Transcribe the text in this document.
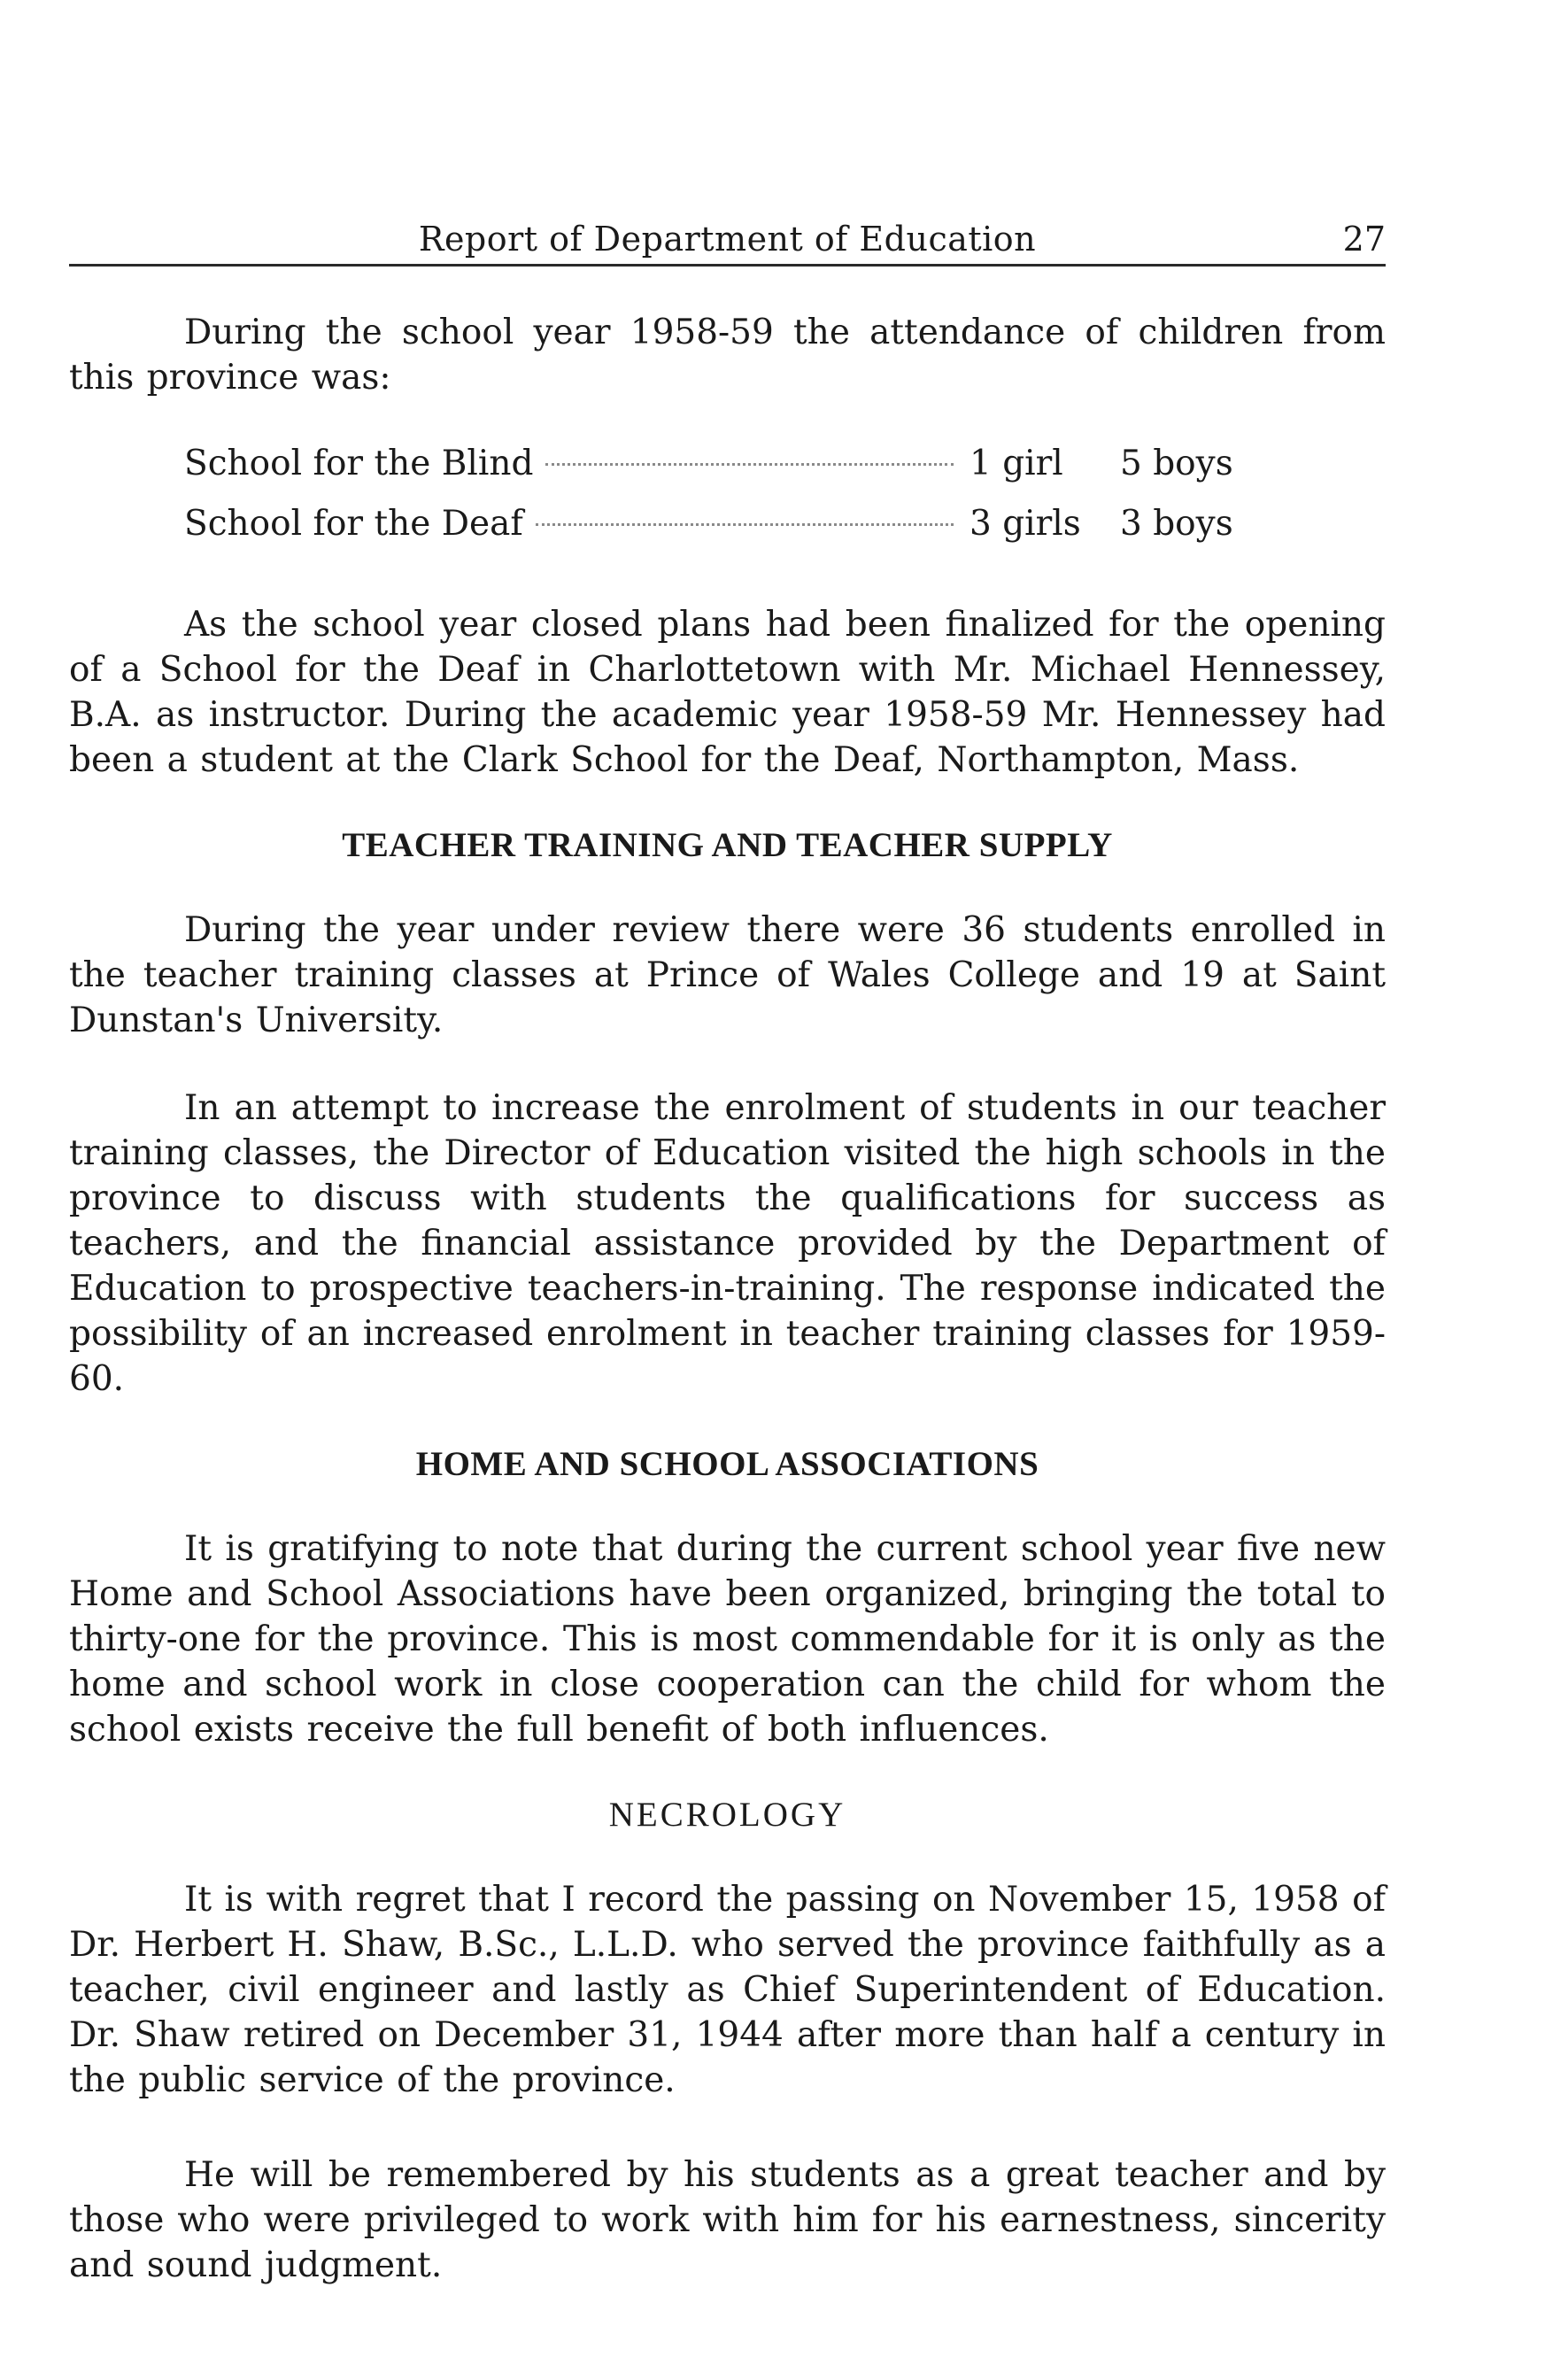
Report of Department of Education	27

During the school year 1958-59 the attendance of children from this province was:

School for the Blind	1 girl	5 boys
School for the Deaf	3 girls 3 boys

As the school year closed plans had been finalized for the opening of a School for the Deaf in Charlottetown with Mr. Michael Hennessey, B.A. as instructor. During the academic year 1958-59 Mr. Hennessey had been a student at the Clark School for the Deaf, Northampton, Mass.

TEACHER TRAINING AND TEACHER SUPPLY

During the year under review there were 36 students enrolled in the teacher training classes at Prince of Wales College and 19 at Saint Dunstan's University.

In an attempt to increase the enrolment of students in our teacher training classes, the Director of Education visited the high schools in the province to discuss with students the qualifications for success as teachers, and the financial assistance provided by the Department of Education to prospective teachers-in-training. The response indicated the possibility of an increased enrolment in teacher training classes for 1959-60.

HOME AND SCHOOL ASSOCIATIONS

It is gratifying to note that during the current school year five new Home and School Associations have been organized, bringing the total to thirty-one for the province. This is most commendable for it is only as the home and school work in close cooperation can the child for whom the school exists receive the full benefit of both influences.

NECROLOGY

It is with regret that I record the passing on November 15, 1958 of Dr. Herbert H. Shaw, B.Sc., L.L.D. who served the province faithfully as a teacher, civil engineer and lastly as Chief Superintendent of Education. Dr. Shaw retired on December 31, 1944 after more than half a century in the public service of the province.

He will be remembered by his students as a great teacher and by those who were privileged to work with him for his earnestness, sincerity and sound judgment.
